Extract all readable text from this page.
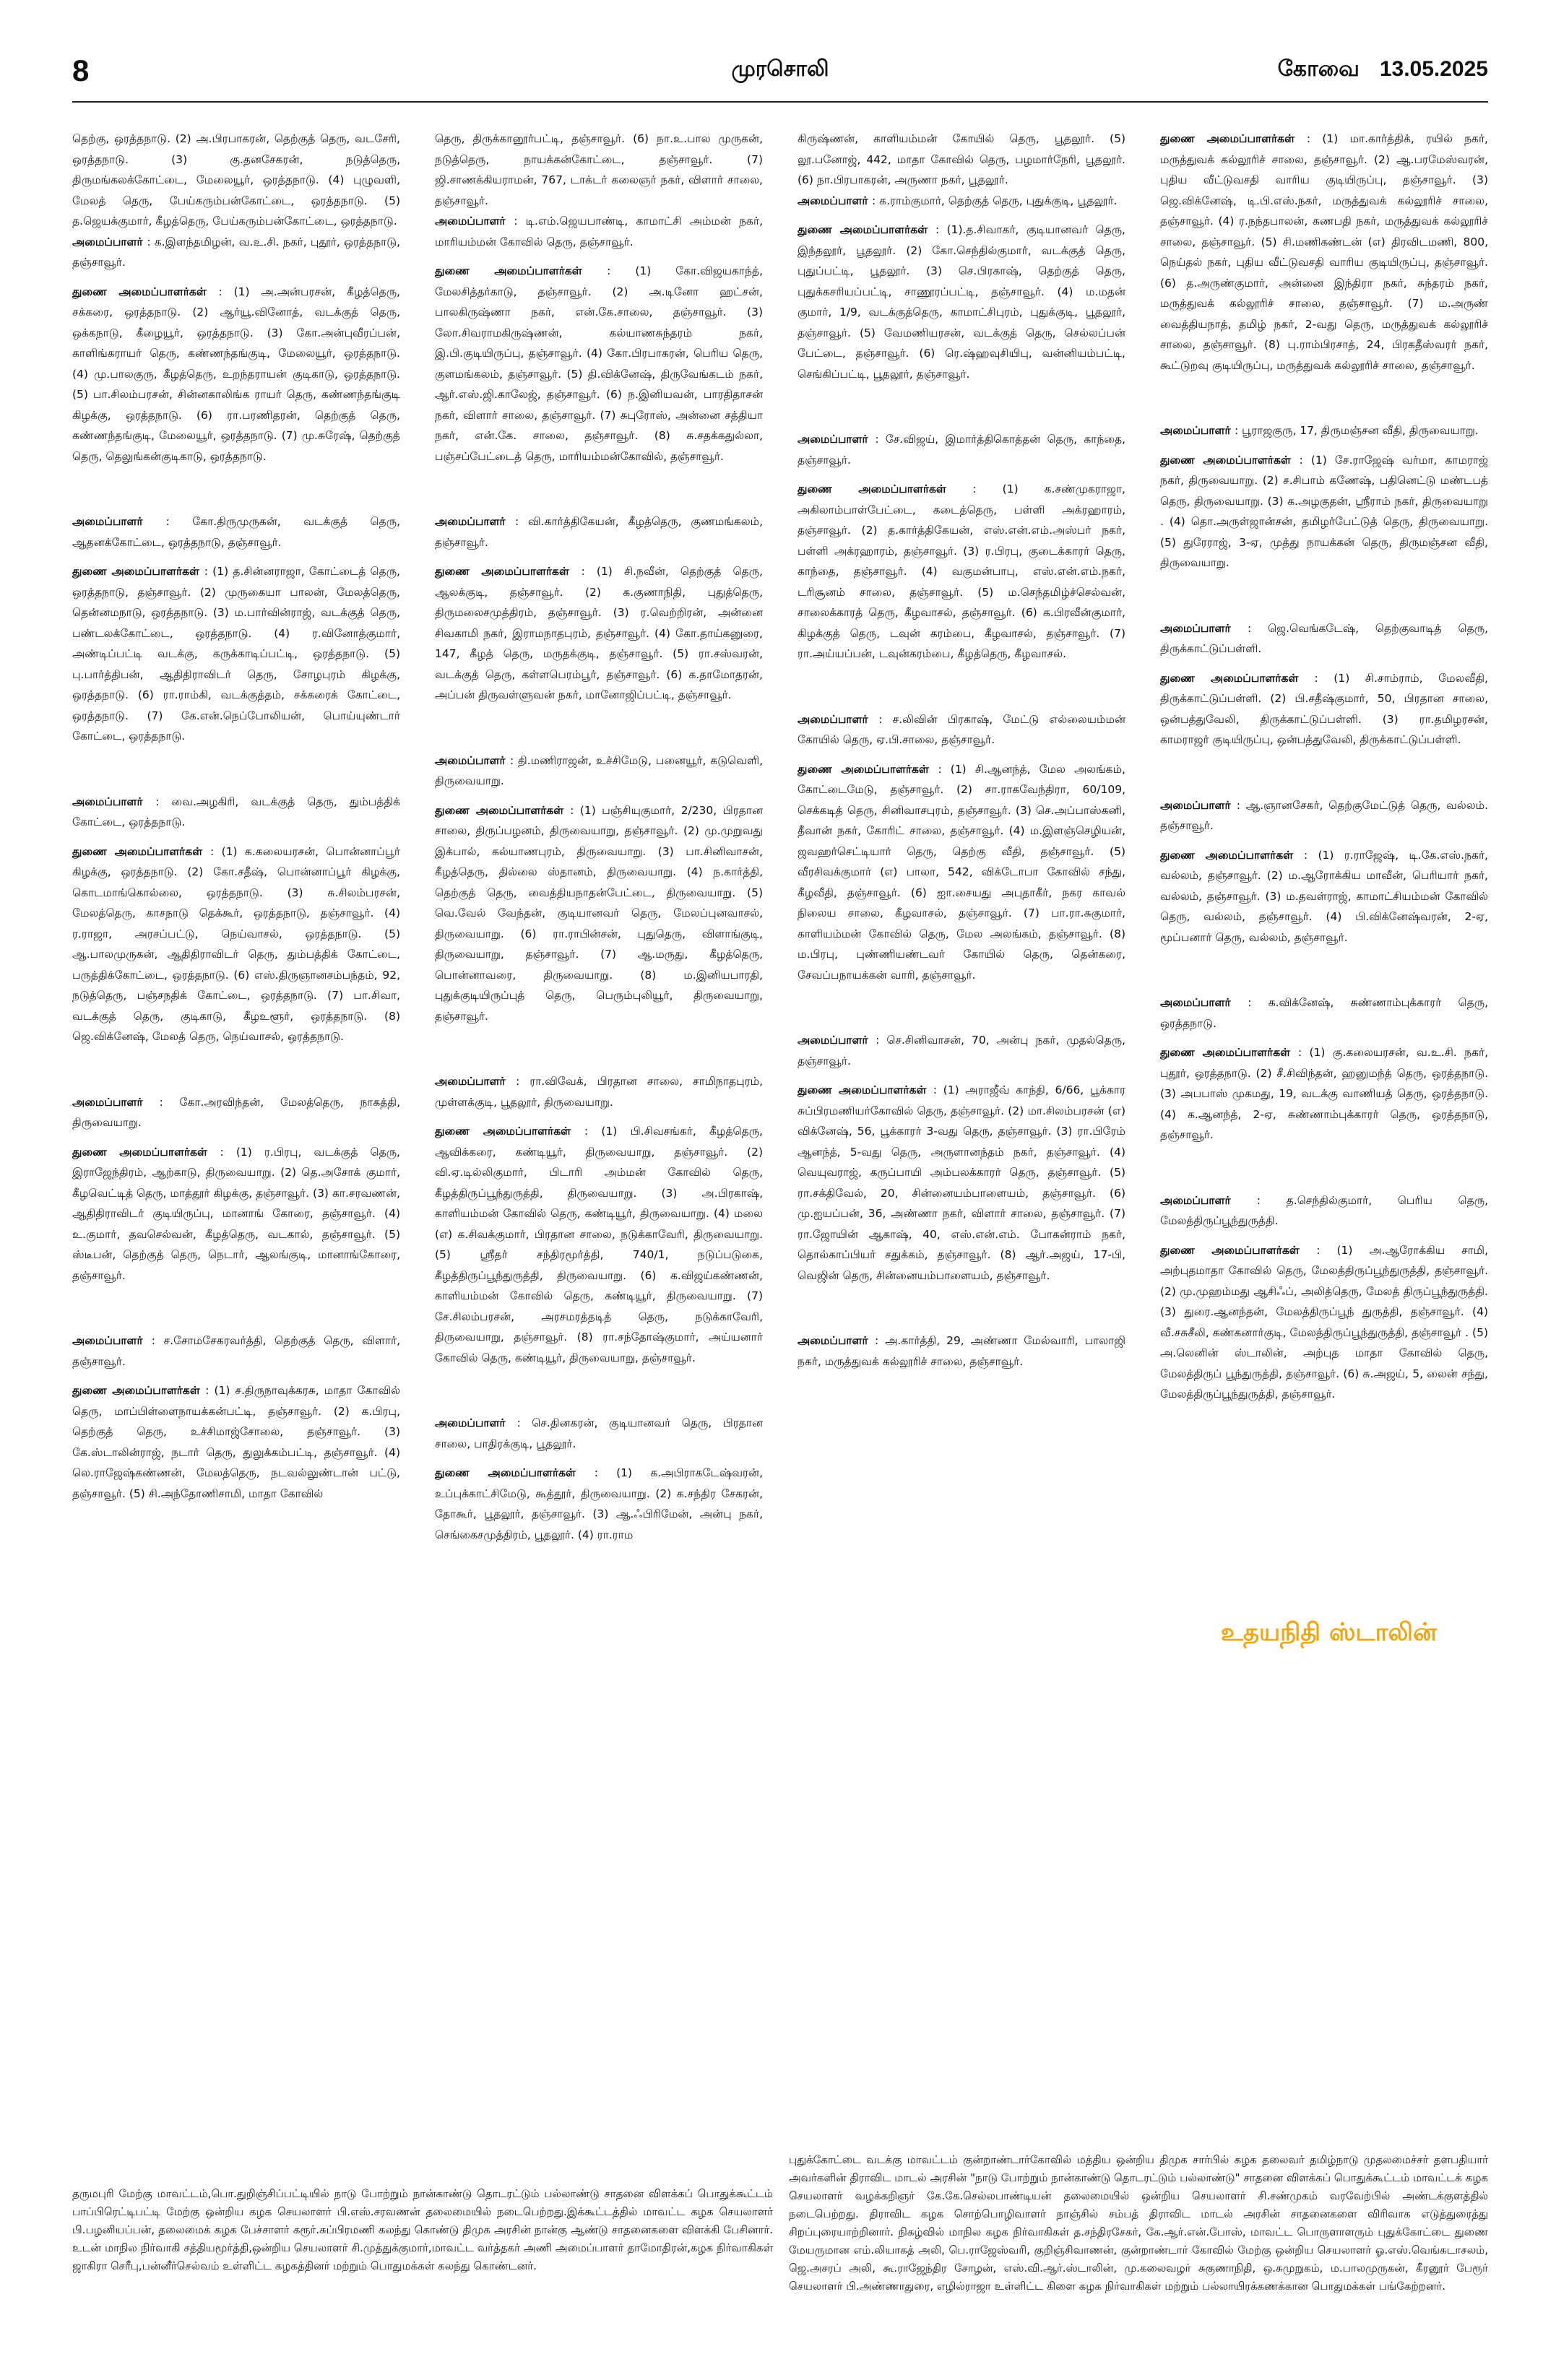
8	முரசொலி	கோவை 13.05.2025

தெற்கு, ஒரத்தநாடு. (2) அ.பிரபாகரன், தெற்குத் தெரு, வடசேரி, ஒரத்தநாடு. (3) கு.தனசேகரன், நடுத்தெரு, திருமங்கலக்கோட்டை, மேலையூர், ஒரத்தநாடு. (4) புழுவளி, மேலத் தெரு, பேய்கரும்பன்கோட்டை, ஒரத்தநாடு. (5) த.ஜெயக்குமார், கீழத்தெரு, பேய்கரும்பன்கோட்டை, ஒரத்தநாடு.

அமைப்பாளர் : க.இளந்தமிழன், வ.உ.சி. நகர், புதூர், ஒரத்தநாடு, தஞ்சாவூர்.

துணை அமைப்பாளர்கள் : (1) அ.அன்பரசன், கீழத்தெரு, சக்கரை, ஒரத்தநாடு. (2) ஆர்யூ.வினோத், வடக்குத் தெரு, ஒக்கநாடு, கீழையூர், ஒரத்தநாடு. (3) கோ.அன்புவீரப்பன், காளிங்கராயர் தெரு, கண்ணந்தங்குடி, மேலையூர், ஒரத்தநாடு. (4) மு.பாலகுரு, கீழத்தெரு, உறந்தராயன் குடிகாடு, ஒரத்தநாடு. (5) பா.சிலம்பரசன், சின்னகாலிங்க ராயர் தெரு, கண்ணந்தங்குடி கிழக்கு, ஒரத்தநாடு. (6) ரா.பரணிதரன், தெற்குத் தெரு, கண்ணந்தங்குடி, மேலையூர், ஒரத்தநாடு. (7) மு.சுரேஷ், தெற்குத் தெரு, தெலுங்கன்குடிகாடு, ஒரத்தநாடு.

அமைப்பாளர் : கோ.திருமுருகன், வடக்குத் தெரு, ஆதனக்கோட்டை, ஒரத்தநாடு, தஞ்சாவூர்.

துணை அமைப்பாளர்கள் : (1) த.சின்னராஜா, கோட்டைத் தெரு, ஒரத்தநாடு, தஞ்சாவூர். (2) முருகையா பாலன், மேலத்தெரு, தென்னமநாடு, ஒரத்தநாடு. (3) ம.பார்வின்ராஜ், வடக்குத் தெரு, பண்டலக்கோட்டை, ஒரத்தநாடு. (4) ர.வினோத்குமார், அண்டிப்பட்டி வடக்கு, கருக்காடிப்பட்டி, ஒரத்தநாடு. (5) பு.பார்த்திபன், ஆதிதிராவிடர் தெரு, சோழபுரம் கிழக்கு, ஒரத்தநாடு. (6) ரா.ராம்கி, வடக்குத்தம், சக்கரைக் கோட்டை, ஒரத்தநாடு. (7) கே.என்.நெப்போலியன், பொய்யுண்டார் கோட்டை, ஒரத்தநாடு.

அமைப்பாளர் : வை.அழகிரி, வடக்குத் தெரு, தும்பத்திக் கோட்டை, ஒரத்தநாடு.

துணை அமைப்பாளர்கள் : (1) க.கலையரசன், பொன்னாப்பூர் கிழக்கு, ஒரத்தநாடு. (2) கோ.சதீஷ், பொன்னாப்பூர் கிழக்கு, கொடமாங்கொல்லை, ஒரத்தநாடு. (3) சு.சிலம்பரசன், மேலத்தெரு, காசநாடு தெக்கூர், ஒரத்தநாடு, தஞ்சாவூர். (4) ர.ராஜா, அரசப்பட்டு, நெய்வாசல், ஒரத்தநாடு. (5) ஆ.பாலமுருகன், ஆதிதிராவிடர் தெரு, தும்பத்திக் கோட்டை, பருத்திக்கோட்டை, ஒரத்தநாடு. (6) எஸ்.திருஞானசம்பந்தம், 92, நடுத்தெரு, பஞ்சநதிக் கோட்டை, ஒரத்தநாடு. (7) பா.சிவா, வடக்குத் தெரு, குடிகாடு, கீழஉளூர், ஒரத்தநாடு. (8) ஜெ.விக்னேஷ், மேலத் தெரு, நெய்வாசல், ஒரத்தநாடு.

அமைப்பாளர் : கோ.அரவிந்தன், மேலத்தெரு, நாகத்தி, திருவையாறு.

துணை அமைப்பாளர்கள் : (1) ர.பிரபு, வடக்குத் தெரு, இராஜேந்திரம், ஆற்காடு, திருவையாறு. (2) தெ.அசோக் குமார், கீழவெட்டித் தெரு, மாத்தூர் கிழக்கு, தஞ்சாவூர். (3) கா.சரவணன், ஆதிதிராவிடர் குடியிருப்பு, மானாங் கோரை, தஞ்சாவூர். (4) உ.குமார், தவசெல்வன், கீழத்தெரு, வடகால், தஞ்சாவூர். (5) ஸ்டீபன், தெற்குத் தெரு, நெடார், ஆலங்குடி, மானாங்கோரை, தஞ்சாவூர்.

அமைப்பாளர் : ச.சோமசேகரவர்த்தி, தெற்குத் தெரு, விளார், தஞ்சாவூர்.

துணை அமைப்பாளர்கள் : (1) ச.திருநாவுக்கரசு, மாதா கோவில் தெரு, மாப்பிள்ளைநாயக்கன்பட்டி, தஞ்சாவூர். (2) க.பிரபு, தெற்குத் தெரு, உச்சிமாஜ்சோலை, தஞ்சாவூர். (3) கே.ஸ்டாலின்ராஜ், நடார் தெரு, துலுக்கம்பட்டி, தஞ்சாவூர். (4) லெ.ராஜேஷ்கண்ணன், மேலத்தெரு, நடவல்லுண்டான் பட்டு, தஞ்சாவூர். (5) சி.அந்தோணிசாமி, மாதா கோவில்

தெரு, திருக்கானூர்பட்டி, தஞ்சாவூர். (6) நா.உ.பால முருகன், நடுத்தெரு, நாயக்கன்கோட்டை, தஞ்சாவூர். (7) ஜி.சாணக்கியராமன், 767, டாக்டர் கலைஞர் நகர், விளார் சாலை, தஞ்சாவூர்.

அமைப்பாளர் : டி.எம்.ஜெயபாண்டி, காமாட்சி அம்மன் நகர், மாரியம்மன் கோவில் தெரு, தஞ்சாவூர்.

துணை அமைப்பாளர்கள் : (1) கோ.விஜயகாந்த், மேலசித்தர்காடு, தஞ்சாவூர். (2) அ.டினோ ஹட்சன், பாலகிருஷ்ணா நகர், என்.கே.சாலை, தஞ்சாவூர். (3) லோ.சிவராமகிருஷ்ணன், கல்யாணசுந்தரம் நகர், இ.பி.குடியிருப்பு, தஞ்சாவூர். (4) கோ.பிரபாகரன், பெரிய தெரு, குளமங்கலம், தஞ்சாவூர். (5) தி.விக்னேஷ், திருவேங்கடம் நகர், ஆர்.எஸ்.ஜி.காலேஜ், தஞ்சாவூர். (6) ந.இனியவன், பாரதிதாசன் நகர், விளார் சாலை, தஞ்சாவூர். (7) சுபுரோஸ், அன்னை சத்தியா நகர், என்.கே. சாலை, தஞ்சாவூர். (8) சு.சதக்கதுல்லா, பஞ்சப்பேட்டைத் தெரு, மாரியம்மன்கோவில், தஞ்சாவூர்.

அமைப்பாளர் : வி.கார்த்திகேயன், கீழத்தெரு, குணமங்கலம், தஞ்சாவூர்.

துணை அமைப்பாளர்கள் : (1) சி.நவீன், தெற்குத் தெரு, ஆலக்குடி, தஞ்சாவூர். (2) க.குணாநிதி, புதுத்தெரு, திருமலைசமுத்திரம், தஞ்சாவூர். (3) ர.வெற்றிரன், அன்னை சிவகாமி நகர், இராமநாதபுரம், தஞ்சாவூர். (4) கோ.தாய்கனுரை, 147, கீழத் தெரு, மருதக்குடி, தஞ்சாவூர். (5) ரா.சஸ்வரன், வடக்குத் தெரு, கள்ளபெரம்பூர், தஞ்சாவூர். (6) க.தாமோதரன், அப்பன் திருவள்ளுவன் நகர், மானோஜிப்பட்டி, தஞ்சாவூர்.

அமைப்பாளர் : தி.மணிராஜன், உச்சிமேடு, பனையூர், கடுவெளி, திருவையாறு.

துணை அமைப்பாளர்கள் : (1) பஞ்சியுகுமார், 2/230, பிரதான சாலை, திருப்பழனம், திருவையாறு, தஞ்சாவூர். (2) மு.முறுவது இக்பால், கல்யாணபுரம், திருவையாறு. (3) பா.சினிவாசன், கீழத்தெரு, தில்லை ஸ்தானம், திருவையாறு. (4) ந.கார்த்தி, தெற்குத் தெரு, வைத்தியநாதன்பேட்டை, திருவையாறு. (5) வெ.வேல் வேந்தன், குடியானவர் தெரு, மேலப்புனவாசல், திருவையாறு. (6) ரா.ராபின்சன், புதுதெரு, விளாங்குடி, திருவையாறு, தஞ்சாவூர். (7) ஆ.மருது, கீழத்தெரு, பொன்னாவரை, திருவையாறு. (8) ம.இனியபாரதி, புதுக்குடியிருப்புத் தெரு, பெரும்புலியூர், திருவையாறு, தஞ்சாவூர்.

அமைப்பாளர் : ரா.விவேக், பிரதான சாலை, சாமிநாதபுரம், முள்ளக்குடி, பூதலூர், திருவையாறு.

துணை அமைப்பாளர்கள் : (1) பி.சிவசங்கர், கீழத்தெரு, ஆவிக்கரை, கண்டியூர், திருவையாறு, தஞ்சாவூர். (2) வி.ஏ.டில்லிகுமார், பிடாரி அம்மன் கோவில் தெரு, கீழத்திருப்பூந்துருத்தி, திருவையாறு. (3) அ.பிரகாஷ், காளியம்மன் கோவில் தெரு, கண்டியூர், திருவையாறு. (4) மலை (எ) க.சிவக்குமார், பிரதான சாலை, நடுக்காவேரி, திருவையாறு. (5) ஸ்ரீதர் சந்திரமூர்த்தி, 740/1, நடுப்படுகை, கீழத்திருப்பூந்துருத்தி, திருவையாறு. (6) க.விஜய்கண்ணன், காளியம்மன் கோவில் தெரு, கண்டியூர், திருவையாறு. (7) சே.சிலம்பரசன், அரசமரத்தடித் தெரு, நடுக்காவேரி, திருவையாறு, தஞ்சாவூர். (8) ரா.சந்தோஷ்குமார், அய்யனார் கோவில் தெரு, கண்டியூர், திருவையாறு, தஞ்சாவூர்.

அமைப்பாளர் : செ.தினகரன், குடியானவர் தெரு, பிரதான சாலை, பாதிரக்குடி, பூதலூர்.

துணை அமைப்பாளர்கள் : (1) க.அபிராகடேஷ்வரன், உப்புக்காட்சிமேடு, கூத்தூர், திருவையாறு. (2) க.சந்திர சேகரன், தோகூர், பூதலூர், தஞ்சாவூர். (3) ஆ.ஃபிரிமேன், அன்பு நகர், செங்கைசமுத்திரம், பூதலூர். (4) ரா.ராம

கிருஷ்ணன், காளியம்மன் கோயில் தெரு, பூதலூர். (5) லூ.பனோஜ், 442, மாதா கோவில் தெரு, பழமார்நேரி, பூதலூர். (6) நா.பிரபாகரன், அருணா நகர், பூதலூர்.

அமைப்பாளர் : க.ராம்குமார், தெற்குத் தெரு, புதுக்குடி, பூதலூர்.

துணை அமைப்பாளர்கள் : (1).த.சிவாகர், குடியானவர் தெரு, இந்தலூர், பூதலூர். (2) கோ.செந்தில்குமார், வடக்குத் தெரு, புதுப்பட்டி, பூதலூர். (3) செ.பிரகாஷ், தெற்குத் தெரு, புதுக்கசரியப்பட்டி, சாணூரப்பட்டி, தஞ்சாவூர். (4) ம.மதன் குமார், 1/9, வடக்குத்தெரு, காமாட்சிபுரம், புதுக்குடி, பூதலூர், தஞ்சாவூர். (5) வேமணியரசன், வடக்குத் தெரு, செல்லப்பன் பேட்டை, தஞ்சாவூர். (6) ரெ.ஷ்ஹவுசியிபு, வன்னியம்பட்டி, செங்கிப்பட்டி, பூதலூர், தஞ்சாவூர்.

அமைப்பாளர் : சே.விஜய், இமார்த்திகொத்தன் தெரு, காந்தை, தஞ்சாவூர்.

துணை அமைப்பாளர்கள் : (1) க.சண்முகராஜா, அகிலாம்பாள்பேட்டை, கடைத்தெரு, பள்ளி அக்ரஹாரம், தஞ்சாவூர். (2) த.கார்த்திகேயன், எஸ்.என்.எம்.அஸ்பர் நகர், பள்ளி அக்ரஹாரம், தஞ்சாவூர். (3) ர.பிரபு, குடைக்காரர் தெரு, காந்தை, தஞ்சாவூர். (4) வகுமன்பாபு, எஸ்.என்.எம்.நகர், டரிசூனம் சாலை, தஞ்சாவூர். (5) ம.செந்தமிழ்ச்செல்வன், சாலைக்காரத் தெரு, கீழவாசல், தஞ்சாவூர். (6) க.பிரவீன்குமார், கிழக்குத் தெரு, டவுன் கரம்பை, கீழவாசல், தஞ்சாவூர். (7) ரா.அய்யப்பன், டவுன்கரம்பை, கீழத்தெரு, கீழவாசல்.

அமைப்பாளர் : ச.லிவின் பிரகாஷ், மேட்டு எல்லையம்மன் கோயில் தெரு, ஏ.பி.சாலை, தஞ்சாவூர்.

துணை அமைப்பாளர்கள் : (1) சி.ஆனந்த், மேல அலங்கம், கோட்டைமேடு, தஞ்சாவூர். (2) சா.ராகவேந்திரா, 60/109, செக்கடித் தெரு, சினிவாசபுரம், தஞ்சாவூர். (3) செ.அப்பாஸ்கனி, தீவான் நகர், கோரிட் சாலை, தஞ்சாவூர். (4) ம.இளஞ்செழியன், ஜவஹர்செட்டியார் தெரு, தெற்கு வீதி, தஞ்சாவூர். (5) வீரசிவக்குமார் (எ) பாலா, 542, விக்டோபா கோவில் சந்து, கீழவீதி, தஞ்சாவூர். (6) ஐா.சையது அபுதாகீர், நகர காவல் நிலைய சாலை, கீழவாசல், தஞ்சாவூர். (7) பா.ரா.சுகுமார், காளியம்மன் கோவில் தெரு, மேல அலங்கம், தஞ்சாவூர். (8) ம.பிரபு, புண்ணியண்டவர் கோயில் தெரு, தென்கரை, சேவப்பநாயக்கன் வாரி, தஞ்சாவூர்.

அமைப்பாளர் : செ.சினிவாசன், 70, அன்பு நகர், முதல்தெரு, தஞ்சாவூர்.

துணை அமைப்பாளர்கள் : (1) அராஜீவ் காந்தி, 6/66, பூக்கார சுப்பிரமணியர்கோவில் தெரு, தஞ்சாவூர். (2) மா.சிலம்பரசன் (எ) விக்னேஷ், 56, பூக்காரர் 3-வது தெரு, தஞ்சாவூர். (3) ரா.பிரேம் ஆனந்த், 5-வது தெரு, அருளானந்தம் நகர், தஞ்சாவூர். (4) வெயுவராஜ், கருப்பாயி அம்பலக்காரர் தெரு, தஞ்சாவூர். (5) ரா.சக்திவேல், 20, சின்னையம்பாளையம், தஞ்சாவூர். (6) மு.ஐயப்பன், 36, அண்ணா நகர், விளார் சாலை, தஞ்சாவூர். (7) ரா.ஜோயின் ஆகாஷ், 40, எஸ்.என்.எம். போகன்ராம் நகர், தொல்காப்பியர் சதுக்கம், தஞ்சாவூர். (8) ஆர்.அஜய், 17-பி, வெஜின் தெரு, சின்னையம்பாளையம், தஞ்சாவூர்.

அமைப்பாளர் : அ.கார்த்தி, 29, அண்ணா மேல்வாரி, பாலாஜி நகர், மருத்துவக் கல்லூரிச் சாலை, தஞ்சாவூர்.

துணை அமைப்பாளர்கள் : (1) மா.கார்த்திக், ரயில் நகர், மருத்துவக் கல்லூரிச் சாலை, தஞ்சாவூர். (2) ஆ.பரமேஸ்வரன், புதிய வீட்டுவசதி வாரிய குடியிருப்பு, தஞ்சாவூர். (3) ஜெ.விக்னேஷ், டி.பி.எஸ்.நகர், மருத்துவக் கல்லூரிச் சாலை, தஞ்சாவூர். (4) ர.நந்தபாலன், கணபதி நகர், மருத்துவக் கல்லூரிச் சாலை, தஞ்சாவூர். (5) சி.மணிகண்டன் (எ) திரவிடமணி, 800, நெய்தல் நகர், புதிய வீட்டுவசதி வாரிய குடியிருப்பு, தஞ்சாவூர். (6) த.அருண்குமார், அன்னை இந்திரா நகர், சுந்தரம் நகர், மருத்துவக் கல்லூரிச் சாலை, தஞ்சாவூர். (7) ம.அருண் வைத்தியநாத், தமிழ் நகர், 2-வது தெரு, மருத்துவக் கல்லூரிச் சாலை, தஞ்சாவூர். (8) பு.ராம்பிரசாத், 24, பிரகதீஸ்வரர் நகர், கூட்டுறவு குடியிருப்பு, மருத்துவக் கல்லூரிச் சாலை, தஞ்சாவூர்.

அமைப்பாளர் : பூராஜகுரு, 17, திருமஞ்சன வீதி, திருவையாறு.

துணை அமைப்பாளர்கள் : (1) சே.ராஜேஷ் வர்மா, காமராஜ் நகர், திருவையாறு. (2) ச.சிபாம் கணேஷ், பதினெட்டு மண்டபத் தெரு, திருவையாறு. (3) க.அழகுதன், ஸ்ரீராம் நகர், திருவையாறு . (4) தொ.அருள்ஜான்சன், தமிழர்பேட்டுத் தெரு, திருவையாறு. (5) துரேராஜ், 3-ஏ, முத்து நாயக்கன் தெரு, திருமஞ்சன வீதி, திருவையாறு.

அமைப்பாளர் : ஜெ.வெங்கடேஷ், தெற்குவாடித் தெரு, திருக்காட்டுப்பள்ளி.

துணை அமைப்பாளர்கள் : (1) சி.சாம்ராம், மேலவீதி, திருக்காட்டுப்பள்ளி. (2) பி.சதீஷ்குமார், 50, பிரதான சாலை, ஒன்பத்துவேலி, திருக்காட்டுப்பள்ளி. (3) ரா.தமிழரசன், காமராஜர் குடியிருப்பு, ஒன்பத்துவேலி, திருக்காட்டுப்பள்ளி.

அமைப்பாளர் : ஆ.ஞானசேகர், தெற்குமேட்டுத் தெரு, வல்லம். தஞ்சாவூர்.

துணை அமைப்பாளர்கள் : (1) ர.ராஜேஷ், டி.கே.எஸ்.நகர், வல்லம், தஞ்சாவூர். (2) ம.ஆரோக்கிய மாவீன், பெரியார் நகர், வல்லம், தஞ்சாவூர். (3) ம.தவள்ராஜ், காமாட்சியம்மன் கோவில் தெரு, வல்லம், தஞ்சாவூர். (4) பி.விக்னேஷ்வரன், 2-ஏ, மூப்பனார் தெரு, வல்லம், தஞ்சாவூர்.

அமைப்பாளர் : க.விக்னேஷ், சுண்ணாம்புக்காரர் தெரு, ஒரத்தநாடு.

துணை அமைப்பாளர்கள் : (1) கு.கலையரசன், வ.உ.சி. நகர், புதூர், ஒரத்தநாடு. (2) சீ.சிவிந்தன், ஹனுமந்த் தெரு, ஒரத்தநாடு. (3) அபபாஸ் முகமது, 19, வடக்கு வாணியத் தெரு, ஒரத்தநாடு. (4) க.ஆனந்த், 2-ஏ, சுண்ணாம்புக்காரர் தெரு, ஒரத்தநாடு, தஞ்சாவூர்.

அமைப்பாளர் : த.செந்தில்குமார், பெரிய தெரு, மேலத்திருப்பூந்துருத்தி.

துணை அமைப்பாளர்கள் : (1) அ.ஆரோக்கிய சாமி, அற்புதமாதா கோவில் தெரு, மேலத்திருப்பூந்துருத்தி, தஞ்சாவூர். (2) மு.முஹம்மது ஆசிஃப், அலித்தெரு, மேலத் திருப்பூந்துருத்தி. (3) துரை.ஆனந்தன், மேலத்திருப்பூந் துருத்தி, தஞ்சாவூர். (4) வீ.சசுசீலி, கண்கனார்குடி, மேலத்திருப்பூந்துருத்தி, தஞ்சாவூர் . (5) அ.லெனின் ஸ்டாலின், அற்புத மாதா கோவில் தெரு, மேலத்திருப் பூந்துருத்தி, தஞ்சாவூர். (6) சு.அஜய், 5, லைன் சந்து, மேலத்திருப்பூந்துருத்தி, தஞ்சாவூர்.

உதயநிதி ஸ்டாலின்
தருமபுரி மேற்கு மாவட்டம்,பொ.துறிஞ்சிப்பட்டியில் நாடு போற்றும் நான்காண்டு தொடரட்டும் பல்லாண்டு சாதனை விளக்கப் பொதுக்கூட்டம் பாப்பிரெட்டிபட்டி மேற்கு ஒன்றிய கழக செயலாளர் பி.எஸ்.சரவணன் தலைமையில் நடைபெற்றது.இக்கூட்டத்தில் மாவட்ட கழக செயலாளர் பி.பழனியப்பன், தலைமைக் கழக பேச்சாளர் கரூர்.சுப்பிரமணி கலந்து கொண்டு திமுக அரசின் நான்கு ஆண்டு சாதனைகளை விளக்கி பேசினார். உடன் மாநில நிர்வாகி சத்தியமூர்த்தி,ஒன்றிய செயலாளர் சி.முத்துக்குமார்,மாவட்ட வர்த்தகர் அணி அமைப்பாளர் தாமோதிரன்,கழக நிர்வாகிகள் ஜாகிரா செரீபு,பன்னீர்செல்வம் உள்ளிட்ட கழகத்தினர் மற்றும் பொதுமக்கள் கலந்து கொண்டனர்.
புதுக்கோட்டை வடக்கு மாவட்டம் குன்றாண்டார்கோவில் மத்திய ஒன்றிய திமுக சார்பில் கழக தலைவர் தமிழ்நாடு முதலமைச்சர் தளபதியார் அவர்களின் திராவிட மாடல் அரசின் "நாடு போற்றும் நான்காண்டு தொடரட்டும் பல்லாண்டு" சாதனை விளக்கப் பொதுக்கூட்டம் மாவட்டக் கழக செயலாளர் வழக்கறிஞர் கே.கே.செல்லபாண்டியன் தலைமையில் ஒன்றிய செயலாளர் சி.சண்முகம் வரவேற்பில் அண்டக்குளத்தில் நடைபெற்றது. திராவிட கழக சொற்பொழிவாளர் நாஞ்சில் சம்பத் திராவிட மாடல் அரசின் சாதனைகளை விரிவாக எடுத்துரைத்து சிறப்புரையாற்றினார். நிகழ்வில் மாநில கழக நிர்வாகிகள் த.சந்திரசேகர், கே.ஆர்.என்.போஸ், மாவட்ட பொருளாளரும் புதுக்கோட்டை துணை மேயருமான எம்.லியாகத் அலி, பெ.ராஜேஸ்வரி, குறிஞ்சிவாணன், குன்றாண்டார் கோவில் மேற்கு ஒன்றிய செயலாளர் ஓ.எஸ்.வெங்கடாசலம், ஜெ.அசரப் அலி, கூ.ராஜேந்திர சோழன், எஸ்.வி.ஆர்.ஸ்டாலின், மு.கலைவழர் சுகுணாநிதி, ஒ.சுமுறுகம், ம.பாலமுருகன், கீரனூர் பேரூர் செயலாளர் பி.அண்ணாதுரை, எழில்ராஜா உள்ளிட்ட கிளை கழக நிர்வாகிகள் மற்றும் பல்லாயிரக்கணக்கான பொதுமக்கள் பங்கேற்றனர்.
